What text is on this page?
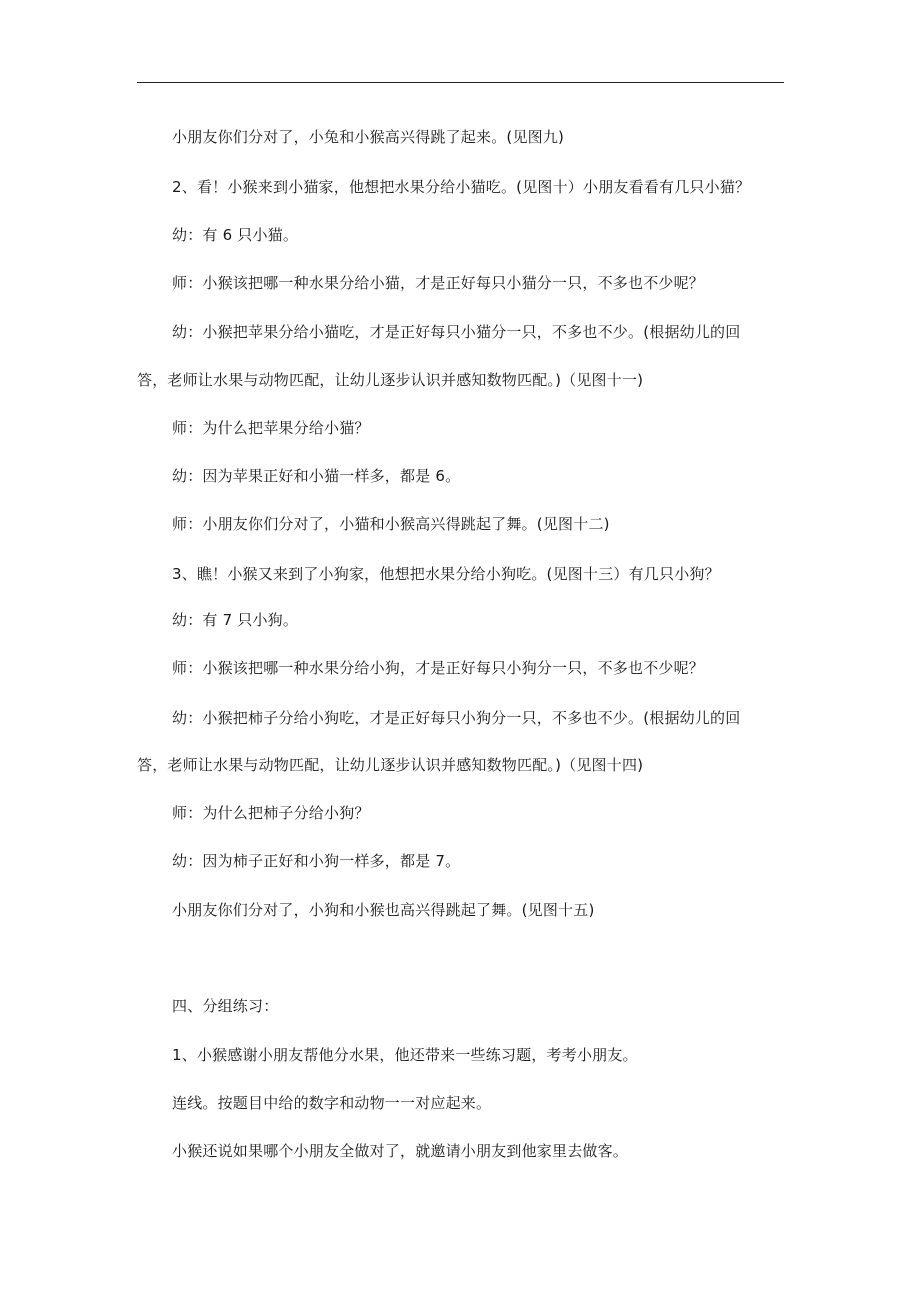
小朋友你们分对了，小兔和小猴高兴得跳了起来。(见图九)
2、看！小猴来到小猫家，他想把水果分给小猫吃。(见图十）小朋友看看有几只小猫？
幼：有 6 只小猫。
师：小猴该把哪一种水果分给小猫，才是正好每只小猫分一只，不多也不少呢？
幼：小猴把苹果分给小猫吃，才是正好每只小猫分一只，不多也不少。(根据幼儿的回
答，老师让水果与动物匹配，让幼儿逐步认识并感知数物匹配。)（见图十一)
师：为什么把苹果分给小猫？
幼：因为苹果正好和小猫一样多，都是 6。
师：小朋友你们分对了，小猫和小猴高兴得跳起了舞。(见图十二)
3、瞧！小猴又来到了小狗家，他想把水果分给小狗吃。(见图十三）有几只小狗？
幼：有 7 只小狗。
师：小猴该把哪一种水果分给小狗，才是正好每只小狗分一只，不多也不少呢？
幼：小猴把柿子分给小狗吃，才是正好每只小狗分一只，不多也不少。(根据幼儿的回
答，老师让水果与动物匹配，让幼儿逐步认识并感知数物匹配。)（见图十四)
师：为什么把柿子分给小狗？
幼：因为柿子正好和小狗一样多，都是 7。
小朋友你们分对了，小狗和小猴也高兴得跳起了舞。(见图十五)
四、分组练习：
1、小猴感谢小朋友帮他分水果，他还带来一些练习题，考考小朋友。
连线。按题目中给的数字和动物一一对应起来。
小猴还说如果哪个小朋友全做对了，就邀请小朋友到他家里去做客。
